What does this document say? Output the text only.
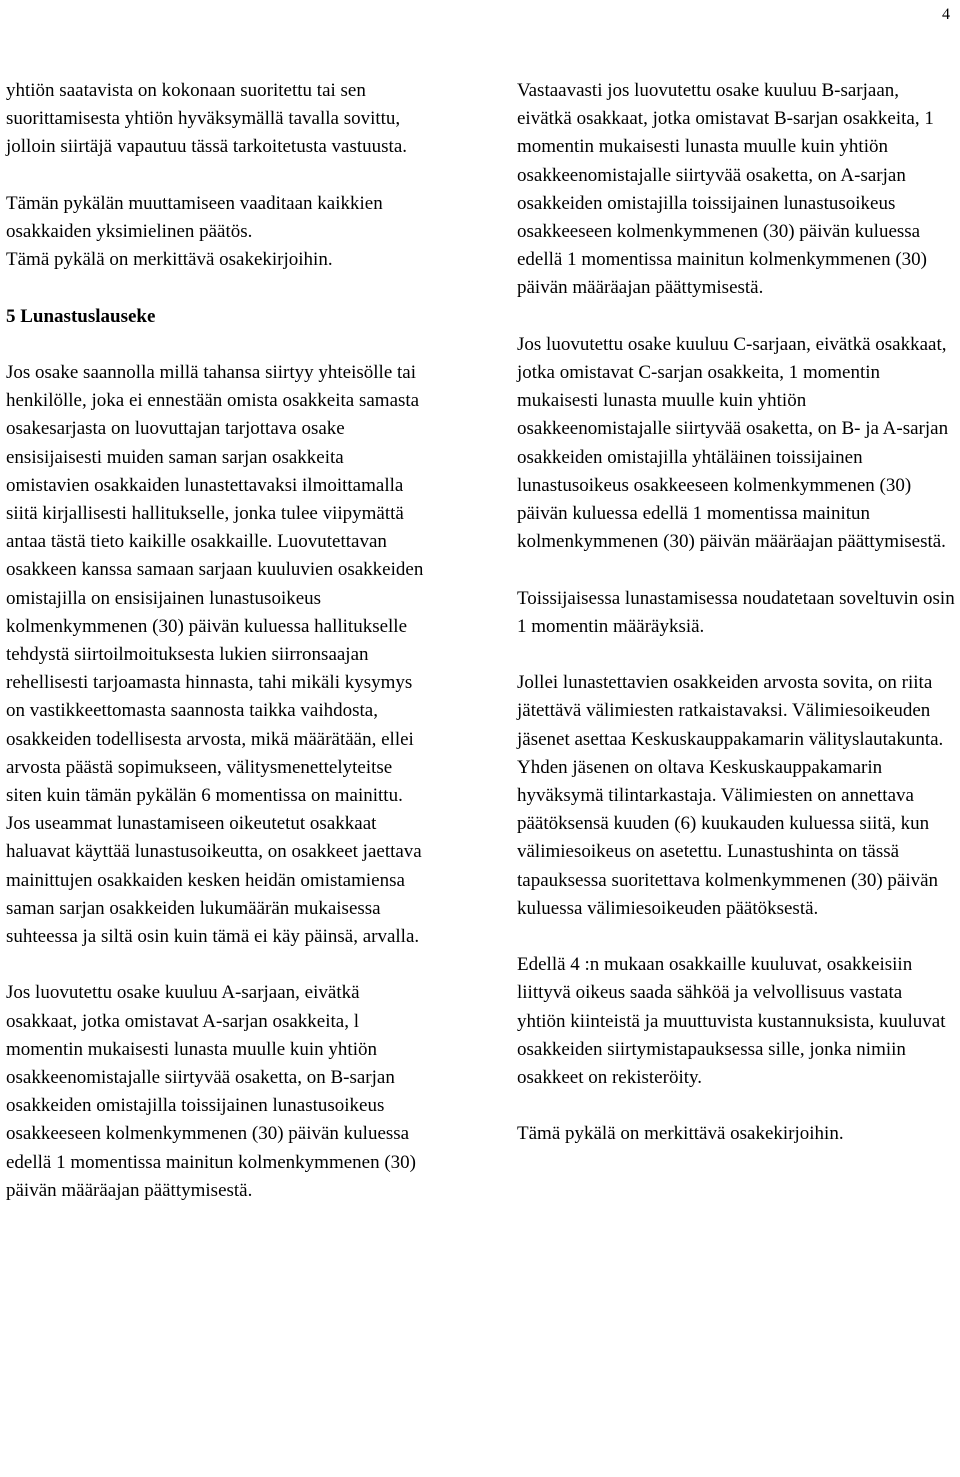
4

yhtiön saatavista on kokonaan suoritettu tai sen suorittamisesta yhtiön hyväksymällä tavalla sovittu, jolloin siirtäjä vapautuu tässä tarkoitetusta vastuusta.

Tämän pykälän muuttamiseen vaaditaan kaikkien osakkaiden yksimielinen päätös.

Tämä pykälä on merkittävä osakekirjoihin.

5 Lunastuslauseke

Jos osake saannolla millä tahansa siirtyy yhteisölle tai henkilölle, joka ei ennestään omista osakkeita samasta osakesarjasta on luovuttajan tarjottava osake ensisijaisesti muiden saman sarjan osakkeita omistavien osakkaiden lunastettavaksi ilmoittamalla siitä kirjallisesti hallitukselle, jonka tulee viipymättä antaa tästä tieto kaikille osakkaille. Luovutettavan osakkeen kanssa samaan sarjaan kuuluvien osakkeiden omistajilla on ensisijainen lunastusoikeus kolmenkymmenen (30) päivän kuluessa hallitukselle tehdystä siirtoilmoituksesta lukien siirronsaajan rehellisesti tarjoamasta hinnasta, tahi mikäli kysymys on vastikkeettomasta saannosta taikka vaihdosta, osakkeiden todellisesta arvosta, mikä määrätään, ellei arvosta päästä sopimukseen, välitysmenettelyteitse siten kuin tämän pykälän 6 momentissa on mainittu. Jos useammat lunastamiseen oikeutetut osakkaat haluavat käyttää lunastusoikeutta, on osakkeet jaettava mainittujen osakkaiden kesken heidän omistamiensa saman sarjan osakkeiden lukumäärän mukaisessa suhteessa ja siltä osin kuin tämä ei käy päinsä, arvalla.

Jos luovutettu osake kuuluu A-sarjaan, eivätkä osakkaat, jotka omistavat A-sarjan osakkeita, l momentin mukaisesti lunasta muulle kuin yhtiön osakkeenomistajalle siirtyvää osaketta, on B-sarjan osakkeiden omistajilla toissijainen lunastusoikeus osakkeeseen kolmenkymmenen (30) päivän kuluessa edellä 1 momentissa mainitun kolmenkymmenen (30) päivän määräajan päättymisestä.

Vastaavasti jos luovutettu osake kuuluu B-sarjaan, eivätkä osakkaat, jotka omistavat B-sarjan osakkeita, 1 momentin mukaisesti lunasta muulle kuin yhtiön osakkeenomistajalle siirtyvää osaketta, on A-sarjan osakkeiden omistajilla toissijainen lunastusoikeus osakkeeseen kolmenkymmenen (30) päivän kuluessa edellä 1 momentissa mainitun kolmenkymmenen (30) päivän määräajan päättymisestä.

Jos luovutettu osake kuuluu C-sarjaan, eivätkä osakkaat, jotka omistavat C-sarjan osakkeita, 1 momentin mukaisesti lunasta muulle kuin yhtiön osakkeenomistajalle siirtyvää osaketta, on B- ja A-sarjan osakkeiden omistajilla yhtäläinen toissijainen lunastusoikeus osakkeeseen kolmenkymmenen (30) päivän kuluessa edellä 1 momentissa mainitun kolmenkymmenen (30) päivän määräajan päättymisestä.

Toissijaisessa lunastamisessa noudatetaan soveltuvin osin 1 momentin määräyksiä.

Jollei lunastettavien osakkeiden arvosta sovita, on riita jätettävä välimiesten ratkaistavaksi. Välimiesoikeuden jäsenet asettaa Keskuskauppakamarin välityslautakunta. Yhden jäsenen on oltava Keskuskauppakamarin hyväksymä tilintarkastaja. Välimiesten on annettava päätöksensä kuuden (6) kuukauden kuluessa siitä, kun välimiesoikeus on asetettu. Lunastushinta on tässä tapauksessa suoritettava kolmenkymmenen (30) päivän kuluessa välimiesoikeuden päätöksestä.

Edellä 4 :n mukaan osakkaille kuuluvat, osakkeisiin liittyvä oikeus saada sähköä ja velvollisuus vastata yhtiön kiinteistä ja muuttuvista kustannuksista, kuuluvat osakkeiden siirtymistapauksessa sille, jonka nimiin osakkeet on rekisteröity.

Tämä pykälä on merkittävä osakekirjoihin.
